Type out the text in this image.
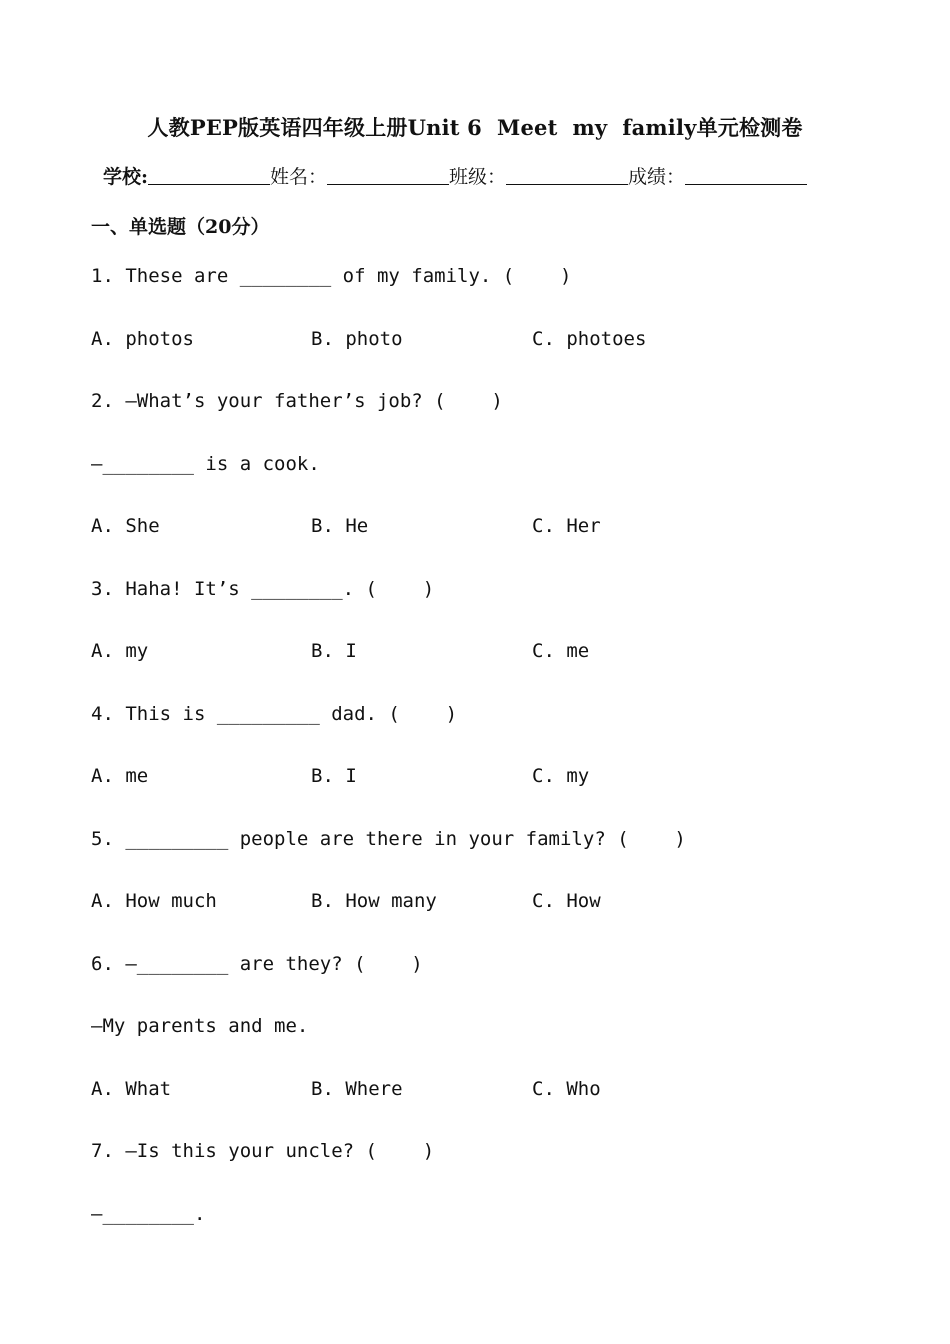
人教PEP版英语四年级上册Unit 6  Meet  my  family单元检测卷
学校:	姓名：	班级：	成绩：
一、单选题（20分）
1. These are ________ of my family. (    )
A. photos	B. photo	C. photoes
2. —What’s your father’s job? (    )
—________ is a cook.
A. She	B. He	C. Her
3. Haha! It’s ________. (    )
A. my	B. I	C. me
4. This is _________ dad. (    )
A. me	B. I	C. my
5. _________ people are there in your family? (    )
A. How much	B. How many	C. How
6. —________ are they? (    )
—My parents and me.
A. What	B. Where	C. Who
7. —Is this your uncle? (    )
—________.
